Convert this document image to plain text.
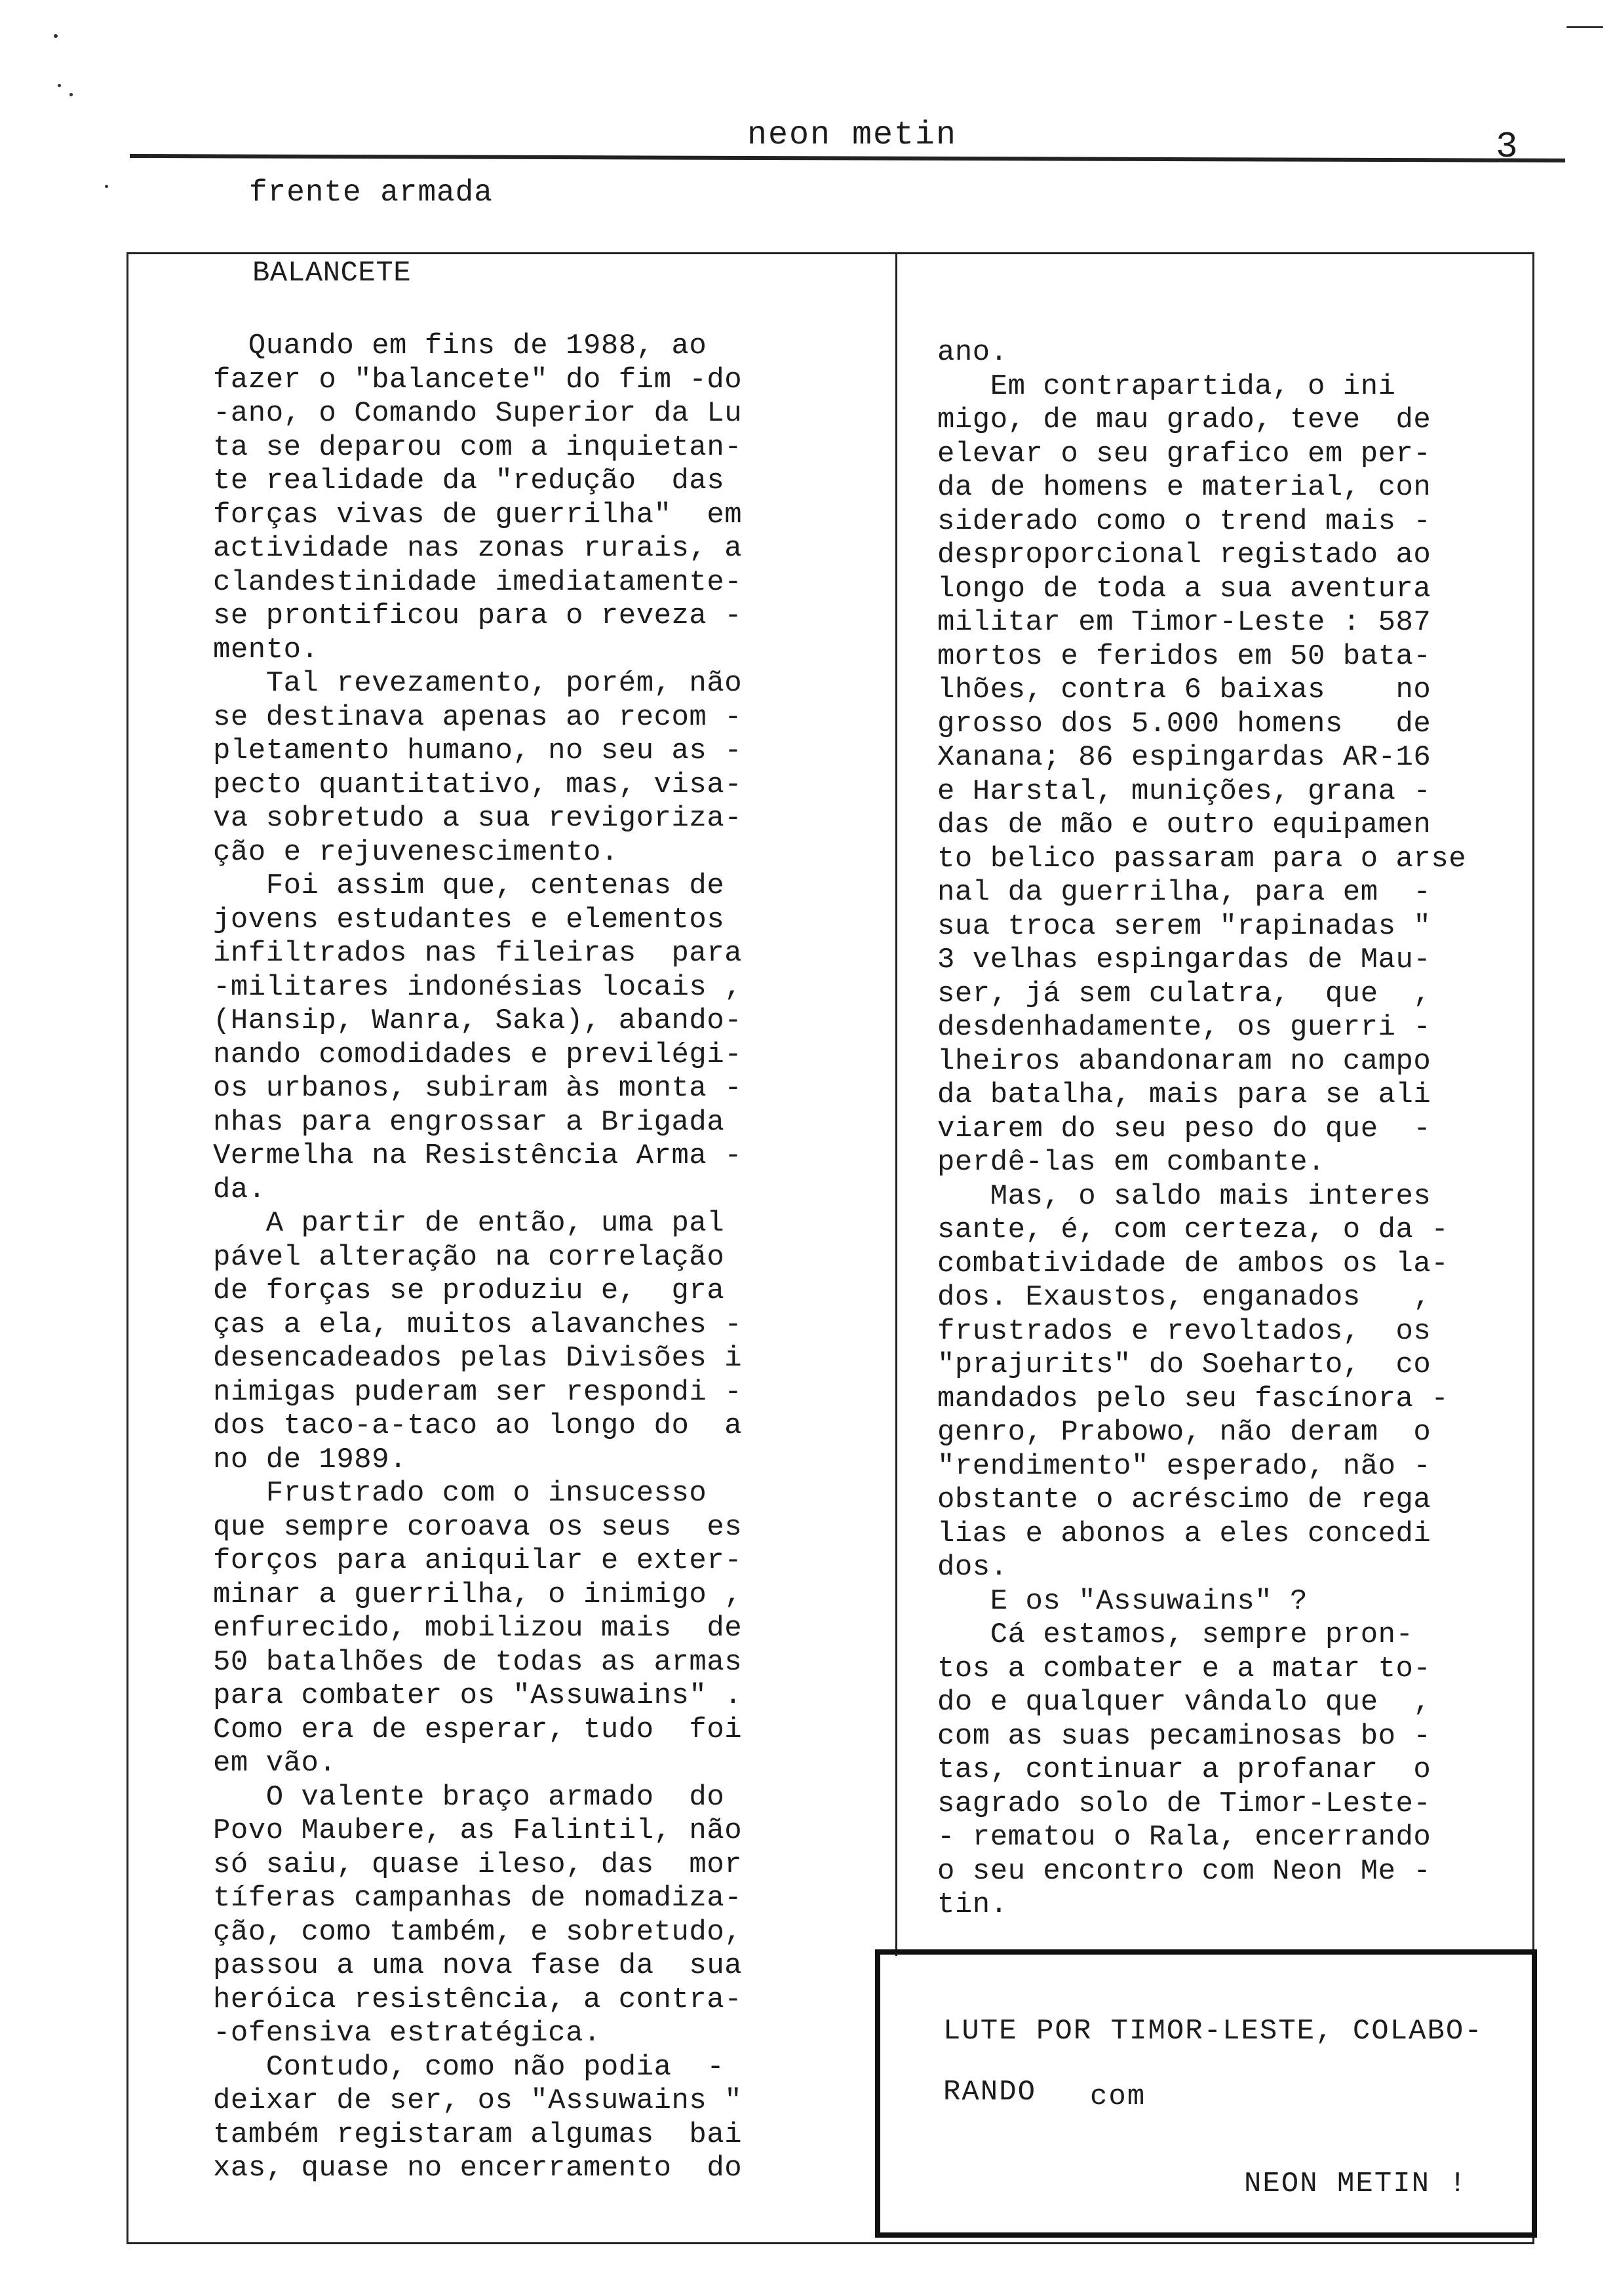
neon metin	3
frente armada
BALANCETE
Quando em fins de 1988, ao
fazer o "balancete" do fim -do
-ano, o Comando Superior da Lu
ta se deparou com a inquietan-
te realidade da "redução  das
forças vivas de guerrilha"  em
actividade nas zonas rurais, a
clandestinidade imediatamente-
se prontificou para o reveza -
mento.
Tal revezamento, porém, não
se destinava apenas ao recom -
pletamento humano, no seu as -
pecto quantitativo, mas, visa-
va sobretudo a sua revigoriza-
ção e rejuvenescimento.
Foi assim que, centenas de
jovens estudantes e elementos
infiltrados nas fileiras  para
-militares indonésias locais ,
(Hansip, Wanra, Saka), abando-
nando comodidades e previlégi-
os urbanos, subiram às monta -
nhas para engrossar a Brigada
Vermelha na Resistência Arma -
da.
A partir de então, uma pal
pável alteração na correlação
de forças se produziu e,  gra
ças a ela, muitos alavanches -
desencadeados pelas Divisões i
nimigas puderam ser respondi -
dos taco-a-taco ao longo do  a
no de 1989.
Frustrado com o insucesso
que sempre coroava os seus  es
forços para aniquilar e exter-
minar a guerrilha, o inimigo ,
enfurecido, mobilizou mais  de
50 batalhões de todas as armas
para combater os "Assuwains" .
Como era de esperar, tudo  foi
em vão.
O valente braço armado  do
Povo Maubere, as Falintil, não
só saiu, quase ileso, das  mor
tíferas campanhas de nomadiza-
ção, como também, e sobretudo,
passou a uma nova fase da  sua
heróica resistência, a contra-
-ofensiva estratégica.
Contudo, como não podia  -
deixar de ser, os "Assuwains "
também registaram algumas  bai
xas, quase no encerramento  do
ano.
Em contrapartida, o ini
migo, de mau grado, teve  de
elevar o seu grafico em per-
da de homens e material, con
siderado como o trend mais -
desproporcional registado ao
longo de toda a sua aventura
militar em Timor-Leste : 587
mortos e feridos em 50 bata-
lhões, contra 6 baixas    no
grosso dos 5.000 homens   de
Xanana; 86 espingardas AR-16
e Harstal, munições, grana -
das de mão e outro equipamen
to belico passaram para o arse
nal da guerrilha, para em  -
sua troca serem "rapinadas "
3 velhas espingardas de Mau-
ser, já sem culatra,  que  ,
desdenhadamente, os guerri -
lheiros abandonaram no campo
da batalha, mais para se ali
viarem do seu peso do que  -
perdê-las em combante.
Mas, o saldo mais interes
sante, é, com certeza, o da -
combatividade de ambos os la-
dos. Exaustos, enganados   ,
frustrados e revoltados,  os
"prajurits" do Soeharto,  co
mandados pelo seu fascínora -
genro, Prabowo, não deram  o
"rendimento" esperado, não -
obstante o acréscimo de rega
lias e abonos a eles concedi
dos.
E os "Assuwains" ?
Cá estamos, sempre pron-
tos a combater e a matar to-
do e qualquer vândalo que  ,
com as suas pecaminosas bo -
tas, continuar a profanar  o
sagrado solo de Timor-Leste-
- rematou o Rala, encerrando
o seu encontro com Neon Me -
tin.
LUTE POR TIMOR-LESTE, COLABO-
RANDO com
NEON METIN !
